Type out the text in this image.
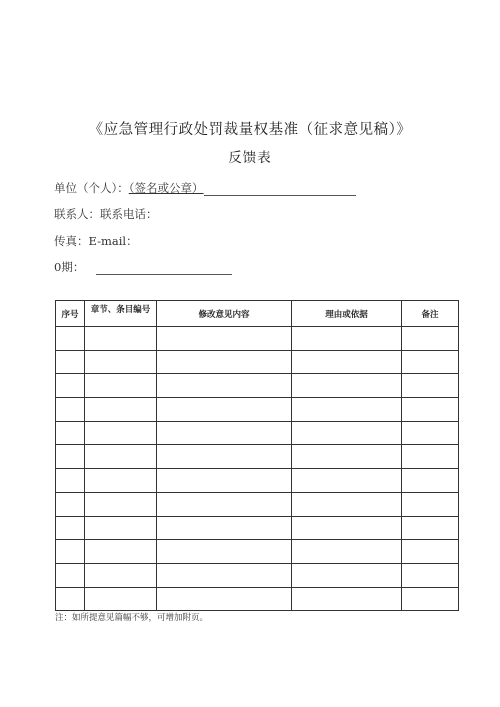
《应急管理行政处罚裁量权基准（征求意见稿）》
反馈表
单位（个人）：（签名或公章）
联系人：联系电话：
传真：E-mail：
0期：
序号	章节、条目编号	修改意见内容	理由或依据	备注

注：如所提意见篇幅不够，可增加附页。
